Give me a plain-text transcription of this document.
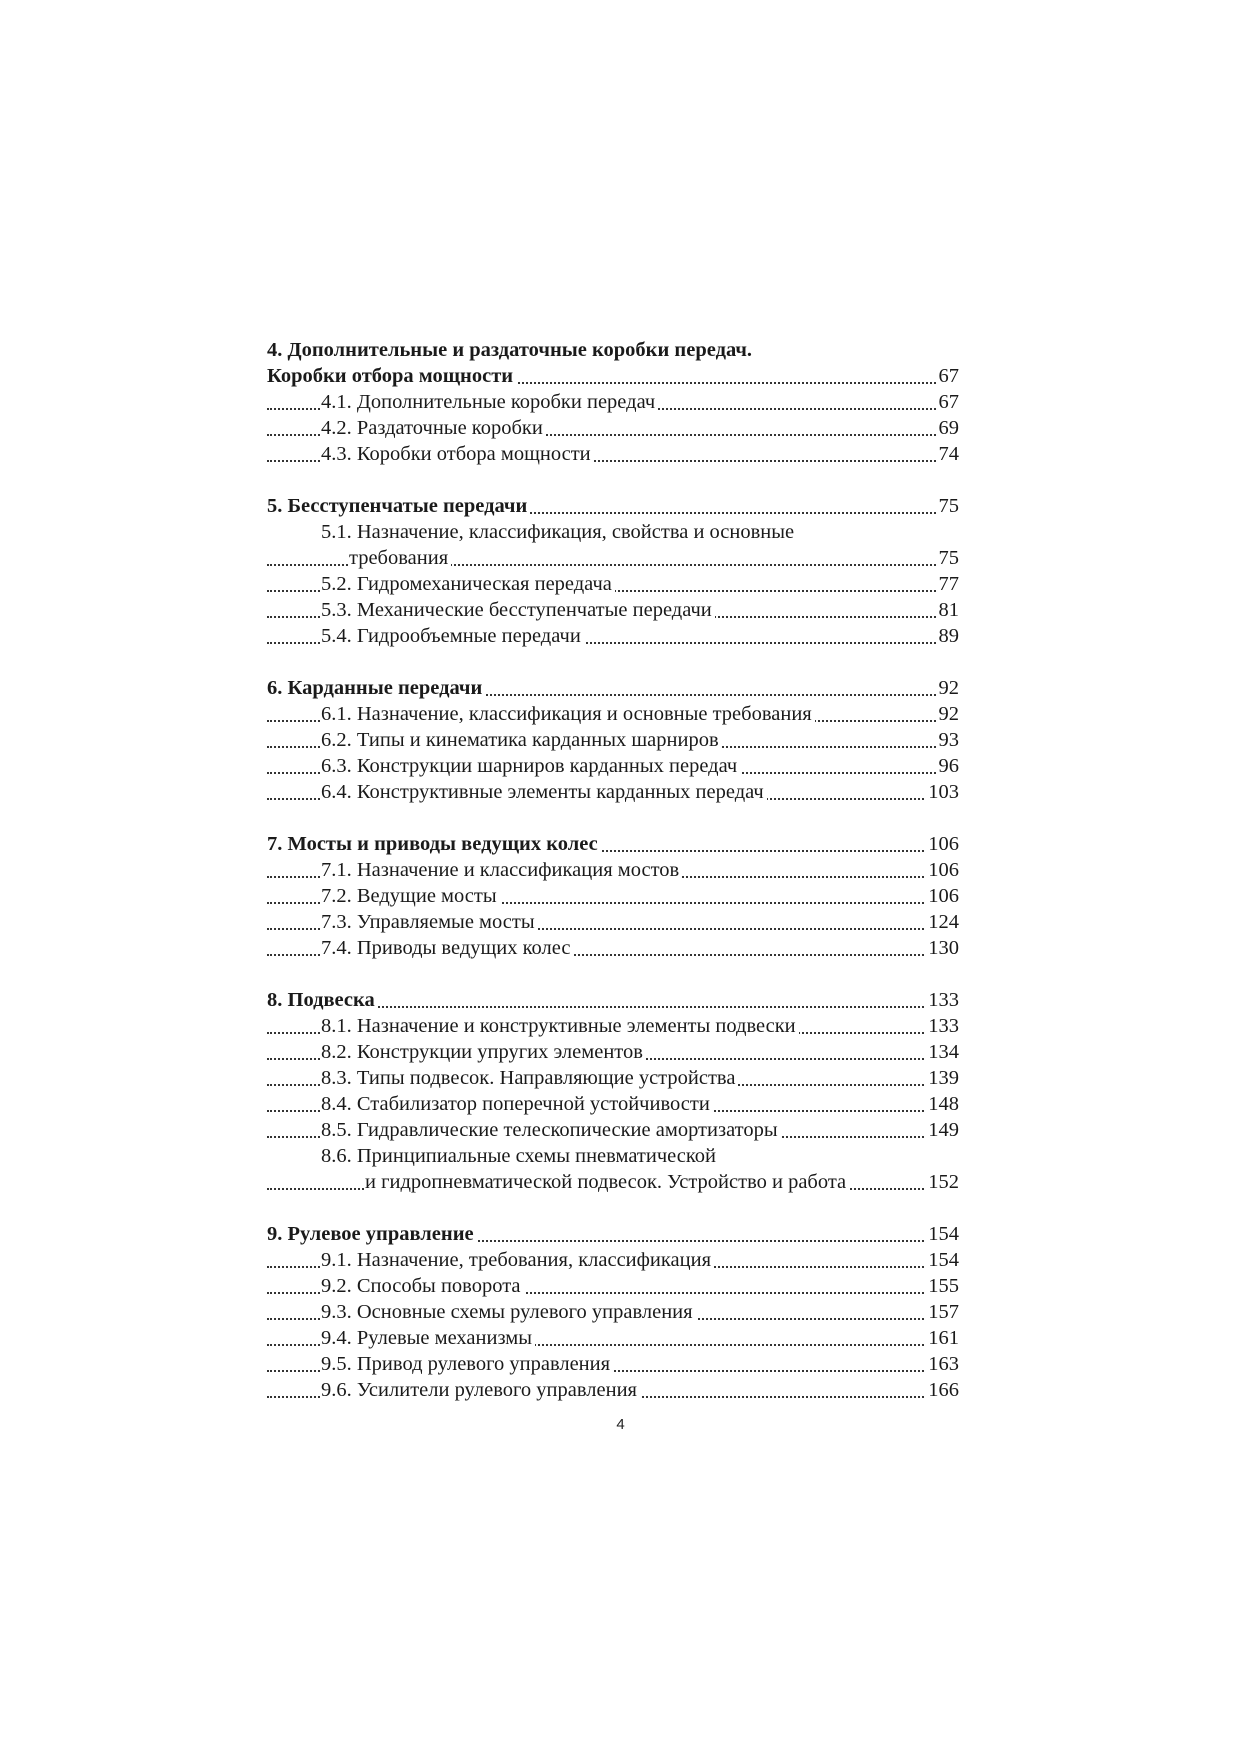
4. Дополнительные и раздаточные коробки передач.
Коробки отбора мощности	67
4.1. Дополнительные коробки передач	67
4.2. Раздаточные коробки	69
4.3. Коробки отбора мощности	74
5. Бесступенчатые передачи	75
5.1. Назначение, классификация, свойства и основные
требования	75
5.2. Гидромеханическая передача	77
5.3. Механические бесступенчатые передачи	81
5.4. Гидрообъемные передачи	89
6. Карданные передачи	92
6.1. Назначение, классификация и основные требования	92
6.2. Типы и кинематика карданных шарниров	93
6.3. Конструкции шарниров карданных передач	96
6.4. Конструктивные элементы карданных передач	103
7. Мосты и приводы ведущих колес	106
7.1. Назначение и классификация мостов	106
7.2. Ведущие мосты	106
7.3. Управляемые мосты	124
7.4. Приводы ведущих колес	130
8. Подвеска	133
8.1. Назначение и конструктивные элементы подвески	133
8.2. Конструкции упругих элементов	134
8.3. Типы подвесок. Направляющие устройства	139
8.4. Стабилизатор поперечной устойчивости	148
8.5. Гидравлические телескопические амортизаторы	149
8.6. Принципиальные схемы пневматической
и гидропневматической подвесок. Устройство и работа	152
9. Рулевое управление	154
9.1. Назначение, требования, классификация	154
9.2. Способы поворота	155
9.3. Основные схемы рулевого управления	157
9.4. Рулевые механизмы	161
9.5. Привод рулевого управления	163
9.6. Усилители рулевого управления	166
4
